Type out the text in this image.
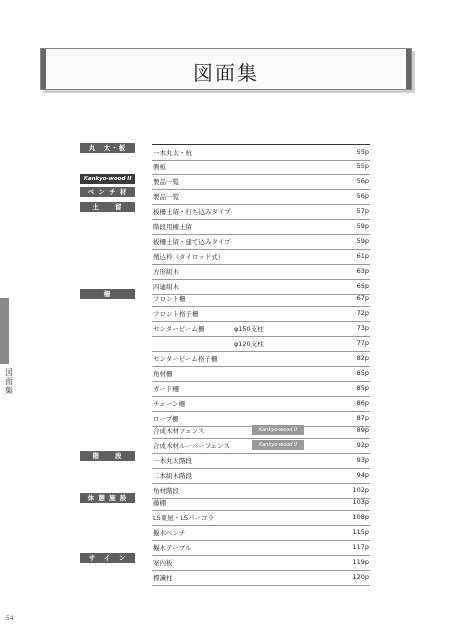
図面集
図面集
丸　太・板
Kankyo-wood II
ベ ン チ 材
土　　留
柵
階　　段
休 憩 施 設
サ　イ　ン
一本丸太・杭	55p
側板	55p
製品一覧	56p
製品一覧	56p
板柵土留・打ち込みタイプ	57p
階段用擁土留	59p
板柵土留・建て込みタイプ	59p
殖込枠（タイロッド式）	61p
方形組木	63p
四連組木	65p
フロント柵	67p
フロント格子柵	72p
センタービーム柵	φ150支柱	73p
φ120支柱	77p
センタービーム格子柵	82p
角材柵	85p
ガード柵	85p
チェーン柵	86p
ロープ柵	87p
合成木材フェンス	Kankyo-wood II	89p
合成木材ルーバーフェンス	Kankyo-wood II	92p
一本丸太階段	93p
二本組木階段	94p
角材階段	102p
藤棚	103p
LS東屋・LSパーゴラ	108p
擬木ベンチ	115p
擬木テーブル	117p
案内板	119p
標識柱	120p
54
